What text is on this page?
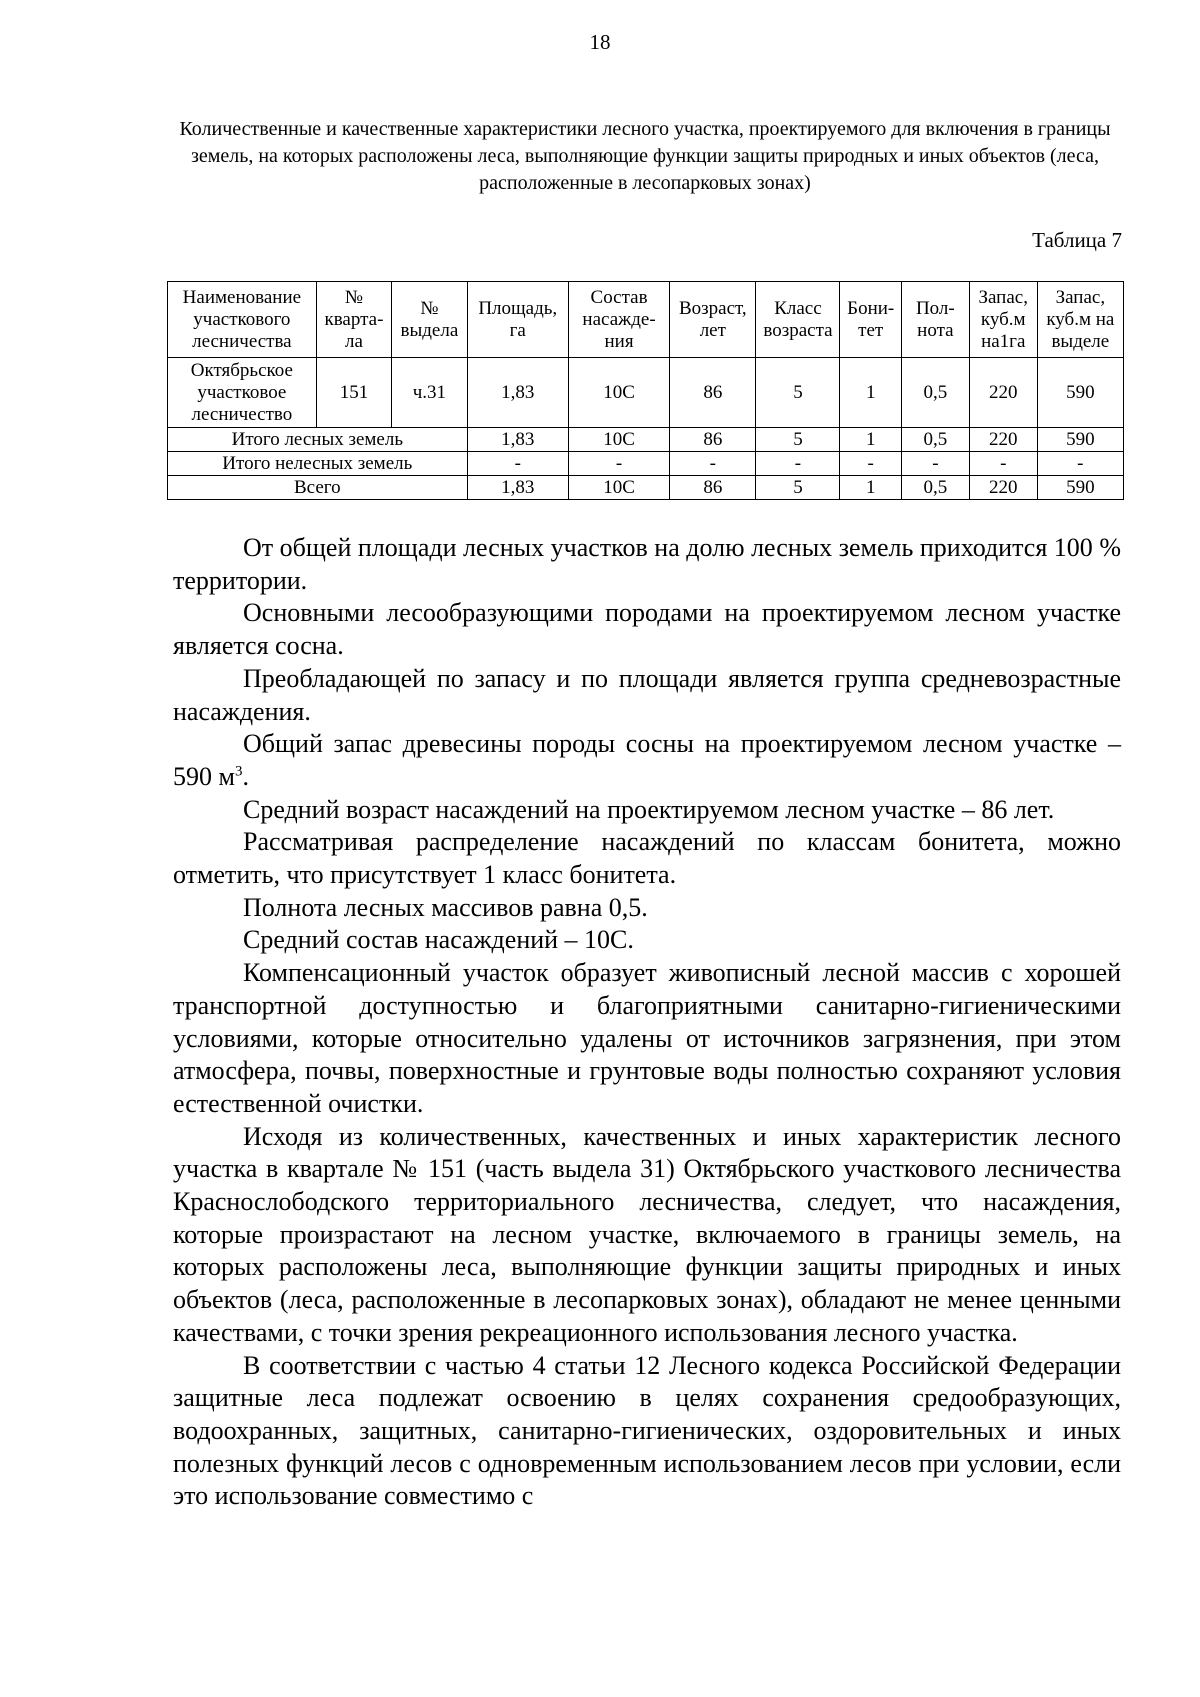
18
Количественные и качественные характеристики лесного участка, проектируемого для включения в границы земель, на которых расположены леса, выполняющие функции защиты природных и иных объектов (леса, расположенные в лесопарковых зонах)
Таблица 7
Наименование участкового лесничества	№ кварта-ла	№ выдела	Площадь, га	Состав насажде-ния	Возраст, лет	Класс возраста	Бони-тет	Пол-нота	Запас, куб.м на1га	Запас, куб.м на выделе
Октябрьское участковое лесничество	151	ч.31	1,83	10С	86	5	1	0,5	220	590
Итого лесных земель			1,83	10С	86	5	1	0,5	220	590
Итого нелесных земель			-	-	-	-	-	-	-	-
Всего			1,83	10С	86	5	1	0,5	220	590

От общей площади лесных участков на долю лесных земель приходится 100 % территории.

Основными лесообразующими породами на проектируемом лесном участке является сосна.

Преобладающей по запасу и по площади является группа средневозрастные насаждения.

Общий запас древесины породы сосны на проектируемом лесном участке – 590 $м^3$.

Средний возраст насаждений на проектируемом лесном участке – 86 лет.

Рассматривая распределение насаждений по классам бонитета, можно отметить, что присутствует 1 класс бонитета.

Полнота лесных массивов равна 0,5.

Средний состав насаждений – 10С.

Компенсационный участок образует живописный лесной массив с хорошей транспортной доступностью и благоприятными санитарно-гигиеническими условиями, которые относительно удалены от источников загрязнения, при этом атмосфера, почвы, поверхностные и грунтовые воды полностью сохраняют условия естественной очистки.

Исходя из количественных, качественных и иных характеристик лесного участка в квартале № 151 (часть выдела 31) Октябрьского участкового лесничества Краснослободского территориального лесничества, следует, что насаждения, которые произрастают на лесном участке, включаемого в границы земель, на которых расположены леса, выполняющие функции защиты природных и иных объектов (леса, расположенные в лесопарковых зонах), обладают не менее ценными качествами, с точки зрения рекреационного использования лесного участка.

В соответствии с частью 4 статьи 12 Лесного кодекса Российской Федерации защитные леса подлежат освоению в целях сохранения средообразующих, водоохранных, защитных, санитарно-гигиенических, оздоровительных и иных полезных функций лесов с одновременным использованием лесов при условии, если это использование совместимо с
